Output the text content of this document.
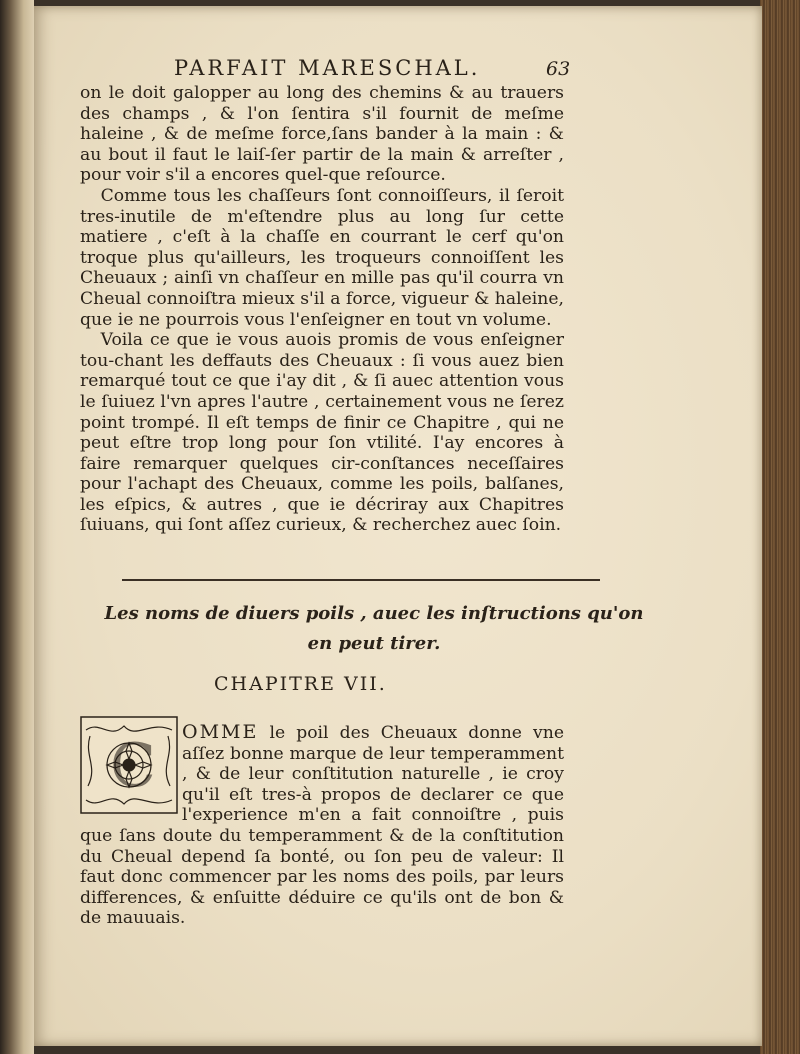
PARFAIT MARESCHAL.	63

on le doit galopper au long des chemins & au trauers des champs , & l'on ſentira s'il fournit de meſme haleine , & de meſme force,ſans bander à la main : & au bout il faut le laiſ-ſer partir de la main & arreſter , pour voir s'il a encores quel-que reſource.

Comme tous les chaſſeurs ſont connoiſſeurs, il ſeroit tres-inutile de m'eſtendre plus au long ſur cette matiere , c'eſt à la chaſſe en courrant le cerf qu'on troque plus qu'ailleurs, les troqueurs connoiſſent les Cheuaux ; ainſi vn chaſſeur en mille pas qu'il courra vn Cheual connoiſtra mieux s'il a force, vigueur & haleine, que ie ne pourrois vous l'enſeigner en tout vn volume.

Voila ce que ie vous auois promis de vous enſeigner tou-chant les deffauts des Cheuaux : ſi vous auez bien remarqué tout ce que i'ay dit , & ſi auec attention vous le ſuiuez l'vn apres l'autre , certainement vous ne ſerez point trompé. Il eſt temps de finir ce Chapitre , qui ne peut eſtre trop long pour ſon vtilité. I'ay encores à faire remarquer quelques cir-conſtances neceſſaires pour l'achapt des Cheuaux, comme les poils, balſanes, les eſpics, & autres , que ie décriray aux Chapitres ſuiuans, qui ſont aſſez curieux, & recherchez auec ſoin.

Les noms de diuers poils , auec les inſtructions qu'on
en peut tirer.
CHAPITRE VII.
C	OMME le poil des Cheuaux donne vne aſſez bonne marque de leur temperamment , & de leur conſtitution naturelle , ie croy qu'il eſt tres-à propos de declarer ce que l'experience m'en a fait connoiſtre , puis que ſans doute du temperamment & de la conſtitution du Cheual depend ſa bonté, ou ſon peu de valeur: Il faut donc commencer par les noms des poils, par leurs differences, & enſuitte déduire ce qu'ils ont de bon & de mauuais.
